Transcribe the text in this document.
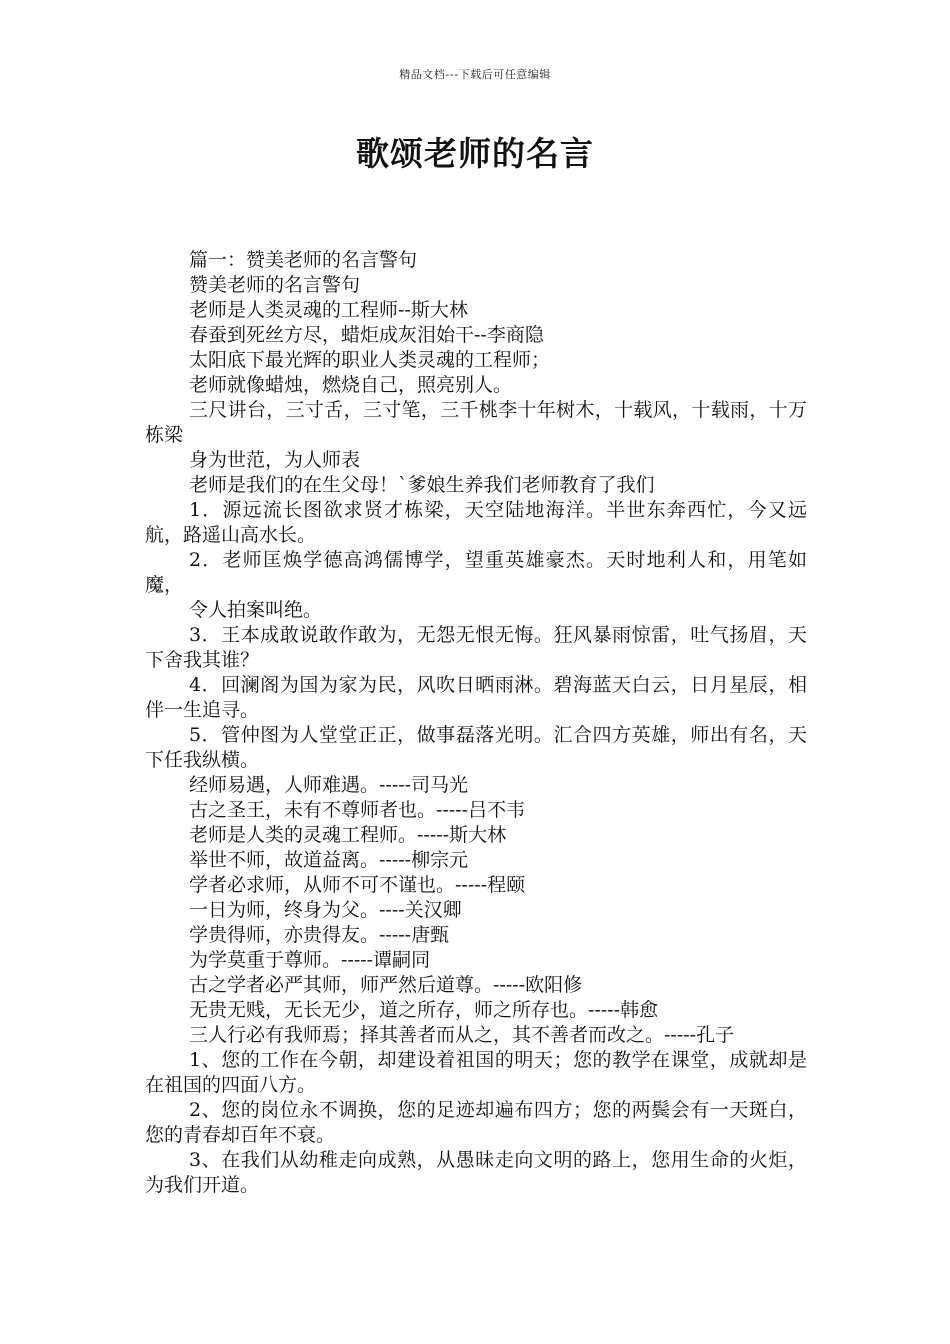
精品文档---下载后可任意编辑
歌颂老师的名言

篇一：赞美老师的名言警句

赞美老师的名言警句

老师是人类灵魂的工程师--斯大林

春蚕到死丝方尽，蜡炬成灰泪始干--李商隐

太阳底下最光辉的职业人类灵魂的工程师；

老师就像蜡烛，燃烧自己，照亮别人。

三尺讲台，三寸舌，三寸笔，三千桃李十年树木，十载风，十载雨，十万栋梁

身为世范，为人师表

老师是我们的在生父母！`爹娘生养我们老师教育了我们

1．源远流长图欲求贤才栋梁，天空陆地海洋。半世东奔西忙，今又远航，路遥山高水长。

2．老师匡焕学德高鸿儒博学，望重英雄豪杰。天时地利人和，用笔如魔，

令人拍案叫绝。

3．王本成敢说敢作敢为，无怨无恨无悔。狂风暴雨惊雷，吐气扬眉，天下舍我其谁？

4．回澜阁为国为家为民，风吹日晒雨淋。碧海蓝天白云，日月星辰，相伴一生追寻。

5．管仲图为人堂堂正正，做事磊落光明。汇合四方英雄，师出有名，天下任我纵横。

经师易遇，人师难遇。-----司马光

古之圣王，未有不尊师者也。-----吕不韦

老师是人类的灵魂工程师。-----斯大林

举世不师，故道益离。-----柳宗元

学者必求师，从师不可不谨也。-----程颐

一日为师，终身为父。----关汉卿

学贵得师，亦贵得友。-----唐甄

为学莫重于尊师。-----谭嗣同

古之学者必严其师，师严然后道尊。-----欧阳修

无贵无贱，无长无少，道之所存，师之所存也。-----韩愈

三人行必有我师焉；择其善者而从之，其不善者而改之。-----孔子

1、您的工作在今朝，却建设着祖国的明天；您的教学在课堂，成就却是在祖国的四面八方。

2、您的岗位永不调换，您的足迹却遍布四方；您的两鬓会有一天斑白，您的青春却百年不衰。

3、在我们从幼稚走向成熟，从愚昧走向文明的路上，您用生命的火炬，为我们开道。
